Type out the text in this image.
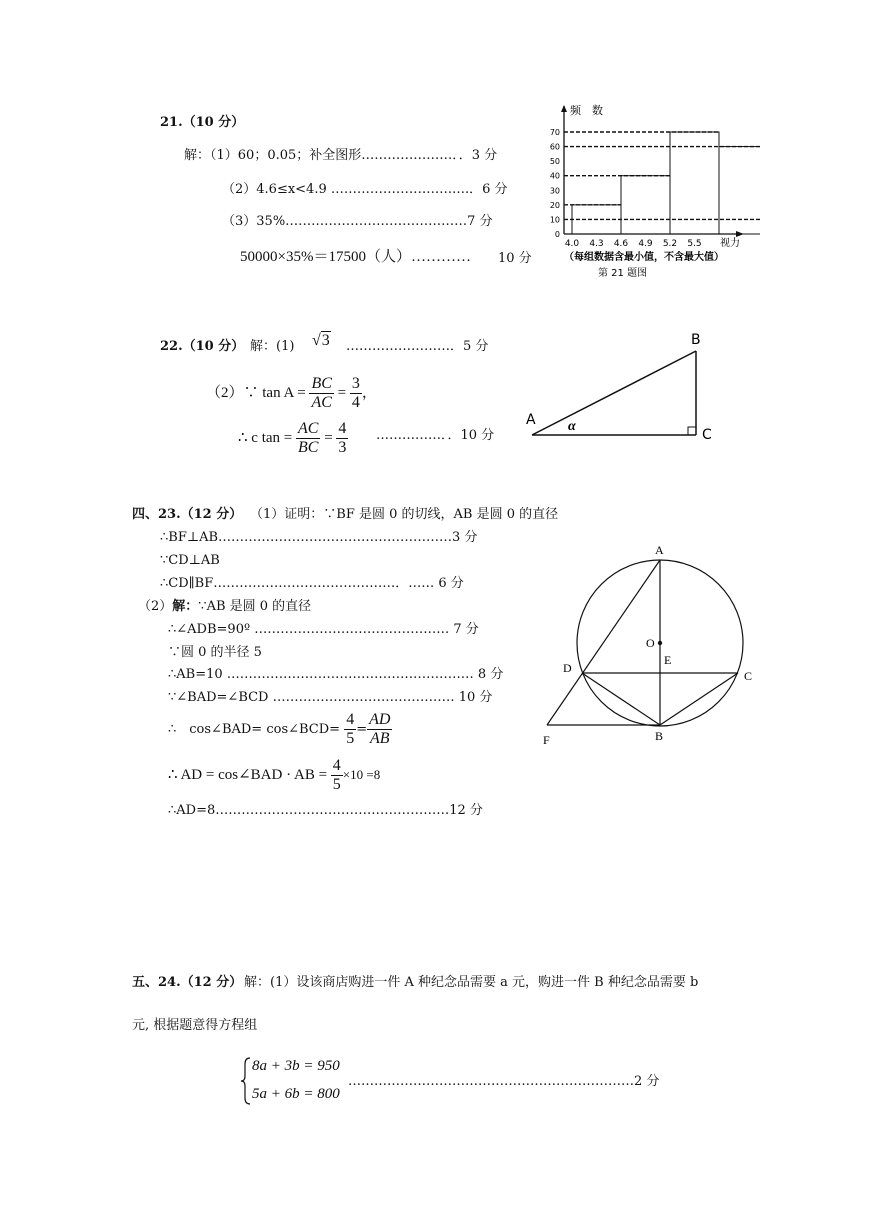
21.（10 分）
解：（1）60；0.05；补全图形…………………．．3 分
（2）4.6≤x<4.9 ……………………….….．6 分
（3）35%……………………………………7 分
50000×35%＝17500（人）………… 10 分
0
10
20
30
40
50
60
70
4.0 4.3 4.6 4.9 5.2 5.5
频　数
视力
（每组数据含最小值，不含最大值）
第 21 题图
22.（10 分） 解：(1) √3 ……………………．5 分
（2）∵ $\tan A = \frac{BC}{AC} = \frac{3}{4}$ ，
∴ c $\tan = \frac{AC}{BC} = \frac{4}{3}$ ……………．．10 分
B
A
C
α
四、23.（12 分） （1）证明：∵BF 是圆 0 的切线，AB 是圆 0 的直径
∴BF⊥AB………………………………………………3 分
∵CD⊥AB
∴CD∥BF……………………………………．…… 6 分
（2）解：∵AB 是圆 0 的直径
∴∠ADB=90º ……………………………………… 7 分
∵圆 0 的半径 5
∴AB=10 ………………………………………………… 8 分
∵∠BAD=∠BCD …………………………………… 10 分
∴　cos∠BAD= cos∠BCD= $\frac{4}{5} = \frac{AD}{AB}$
∴ AD = cos∠BAD · AB = $\frac{4}{5} \times 10 =8$
∴AD=8………………………………………………12 分
A
O
E
D
C
F	B
五、24.（12 分） 解：(1）设该商店购进一件 A 种纪念品需要 a 元，购进一件 B 种纪念品需要 b
元, 根据题意得方程组
8a + 3b = 950
5a + 6b = 800
…………………………………………………………2 分
